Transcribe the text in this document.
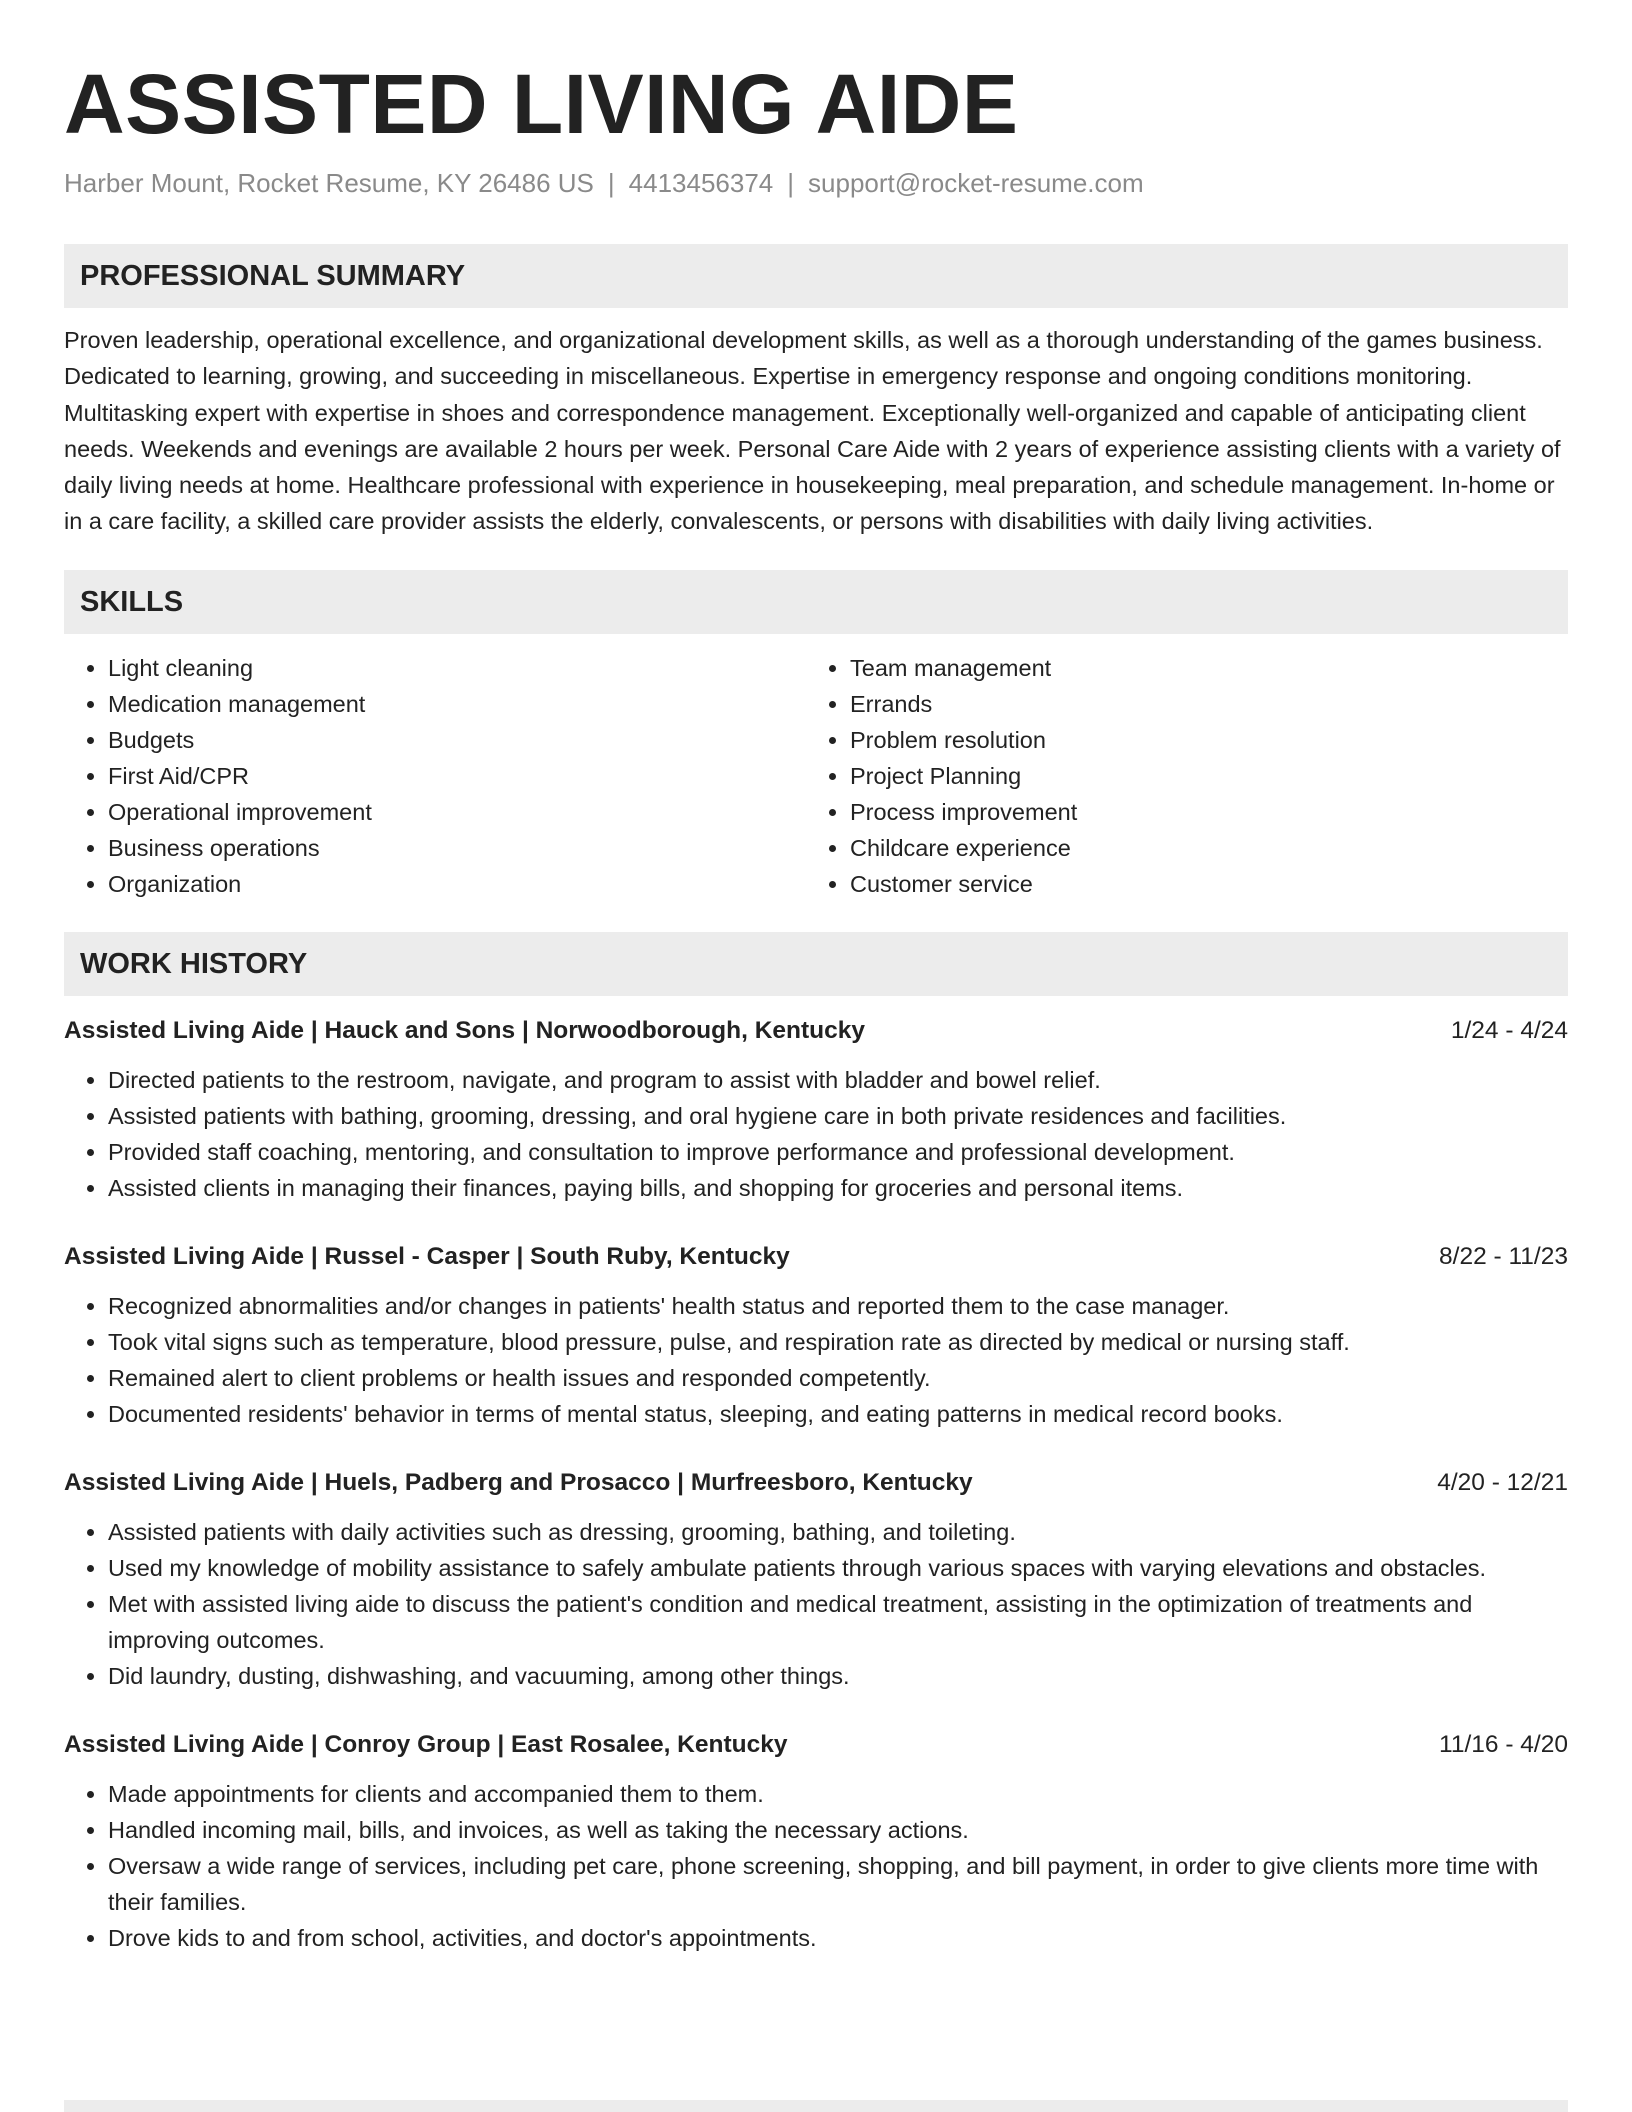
ASSISTED LIVING AIDE
Harber Mount, Rocket Resume, KY 26486 US | 4413456374 | support@rocket-resume.com
PROFESSIONAL SUMMARY
Proven leadership, operational excellence, and organizational development skills, as well as a thorough understanding of the games business. Dedicated to learning, growing, and succeeding in miscellaneous. Expertise in emergency response and ongoing conditions monitoring. Multitasking expert with expertise in shoes and correspondence management. Exceptionally well-organized and capable of anticipating client needs. Weekends and evenings are available 2 hours per week. Personal Care Aide with 2 years of experience assisting clients with a variety of daily living needs at home. Healthcare professional with experience in housekeeping, meal preparation, and schedule management. In-home or in a care facility, a skilled care provider assists the elderly, convalescents, or persons with disabilities with daily living activities.
SKILLS
• Light cleaning
• Medication management
• Budgets
• First Aid/CPR
• Operational improvement
• Business operations
• Organization
• Team management
• Errands
• Problem resolution
• Project Planning
• Process improvement
• Childcare experience
• Customer service
WORK HISTORY
Assisted Living Aide | Hauck and Sons | Norwoodborough, Kentucky	1/24 - 4/24
• Directed patients to the restroom, navigate, and program to assist with bladder and bowel relief.
• Assisted patients with bathing, grooming, dressing, and oral hygiene care in both private residences and facilities.
• Provided staff coaching, mentoring, and consultation to improve performance and professional development.
• Assisted clients in managing their finances, paying bills, and shopping for groceries and personal items.
Assisted Living Aide | Russel - Casper | South Ruby, Kentucky	8/22 - 11/23
• Recognized abnormalities and/or changes in patients' health status and reported them to the case manager.
• Took vital signs such as temperature, blood pressure, pulse, and respiration rate as directed by medical or nursing staff.
• Remained alert to client problems or health issues and responded competently.
• Documented residents' behavior in terms of mental status, sleeping, and eating patterns in medical record books.
Assisted Living Aide | Huels, Padberg and Prosacco | Murfreesboro, Kentucky	4/20 - 12/21
• Assisted patients with daily activities such as dressing, grooming, bathing, and toileting.
• Used my knowledge of mobility assistance to safely ambulate patients through various spaces with varying elevations and obstacles.
• Met with assisted living aide to discuss the patient's condition and medical treatment, assisting in the optimization of treatments and improving outcomes.
• Did laundry, dusting, dishwashing, and vacuuming, among other things.
Assisted Living Aide | Conroy Group | East Rosalee, Kentucky	11/16 - 4/20
• Made appointments for clients and accompanied them to them.
• Handled incoming mail, bills, and invoices, as well as taking the necessary actions.
• Oversaw a wide range of services, including pet care, phone screening, shopping, and bill payment, in order to give clients more time with their families.
• Drove kids to and from school, activities, and doctor's appointments.
